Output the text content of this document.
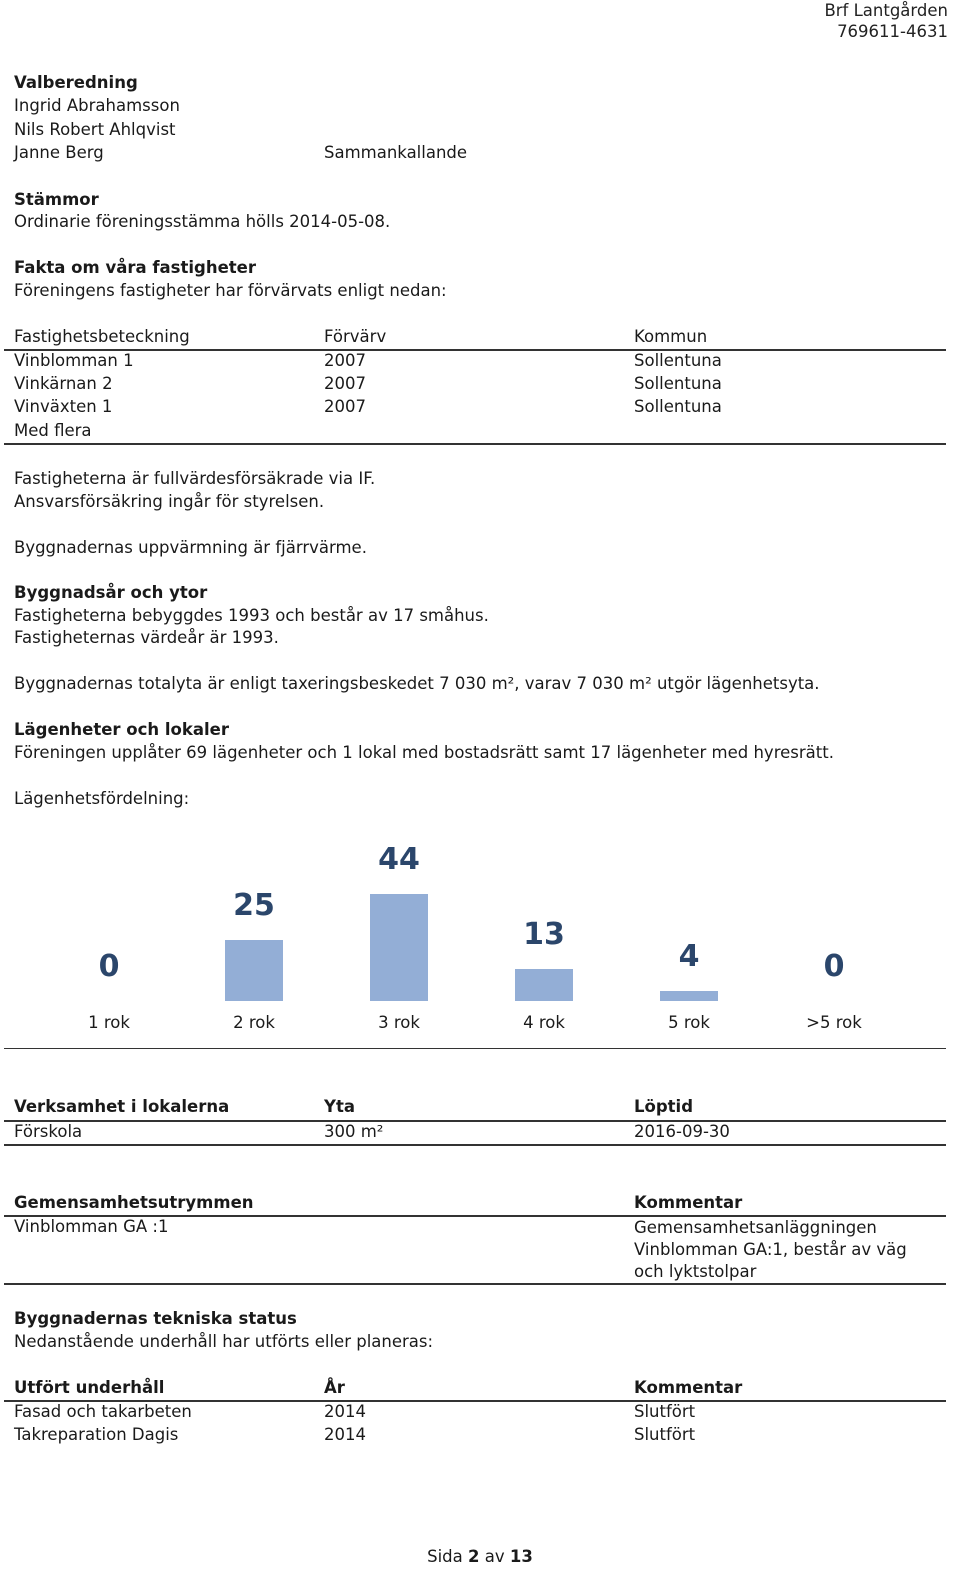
Brf Lantgården
769611-4631
Valberedning
Ingrid Abrahamsson
Nils Robert Ahlqvist
Janne Berg	Sammankallande
Stämmor
Ordinarie föreningsstämma hölls 2014-05-08.
Fakta om våra fastigheter
Föreningens fastigheter har förvärvats enligt nedan:
Fastighetsbeteckning	Förvärv	Kommun
Vinblomman 1	2007	Sollentuna
Vinkärnan 2	2007	Sollentuna
Vinväxten 1	2007	Sollentuna
Med flera
Fastigheterna är fullvärdesförsäkrade via IF.
Ansvarsförsäkring ingår för styrelsen.
Byggnadernas uppvärmning är fjärrvärme.
Byggnadsår och ytor
Fastigheterna bebyggdes 1993 och består av 17 småhus.
Fastigheternas värdeår är 1993.
Byggnadernas totalyta är enligt taxeringsbeskedet 7 030 m², varav 7 030 m² utgör lägenhetsyta.
Lägenheter och lokaler
Föreningen upplåter 69 lägenheter och 1 lokal med bostadsrätt samt 17 lägenheter med hyresrätt.
Lägenhetsfördelning:
0
1 rok
25
2 rok
44
3 rok
13
4 rok
4
5 rok
0
>5 rok
Verksamhet i lokalerna	Yta	Löptid
Förskola	300 m²	2016-09-30
Gemensamhetsutrymmen	Kommentar
Vinblomman GA :1	Gemensamhetsanläggningen Vinblomman GA:1, består av väg och lyktstolpar
Byggnadernas tekniska status
Nedanstående underhåll har utförts eller planeras:
Utfört underhåll	År	Kommentar
Fasad och takarbeten	2014	Slutfört
Takreparation Dagis	2014	Slutfört
Sida 2 av 13
